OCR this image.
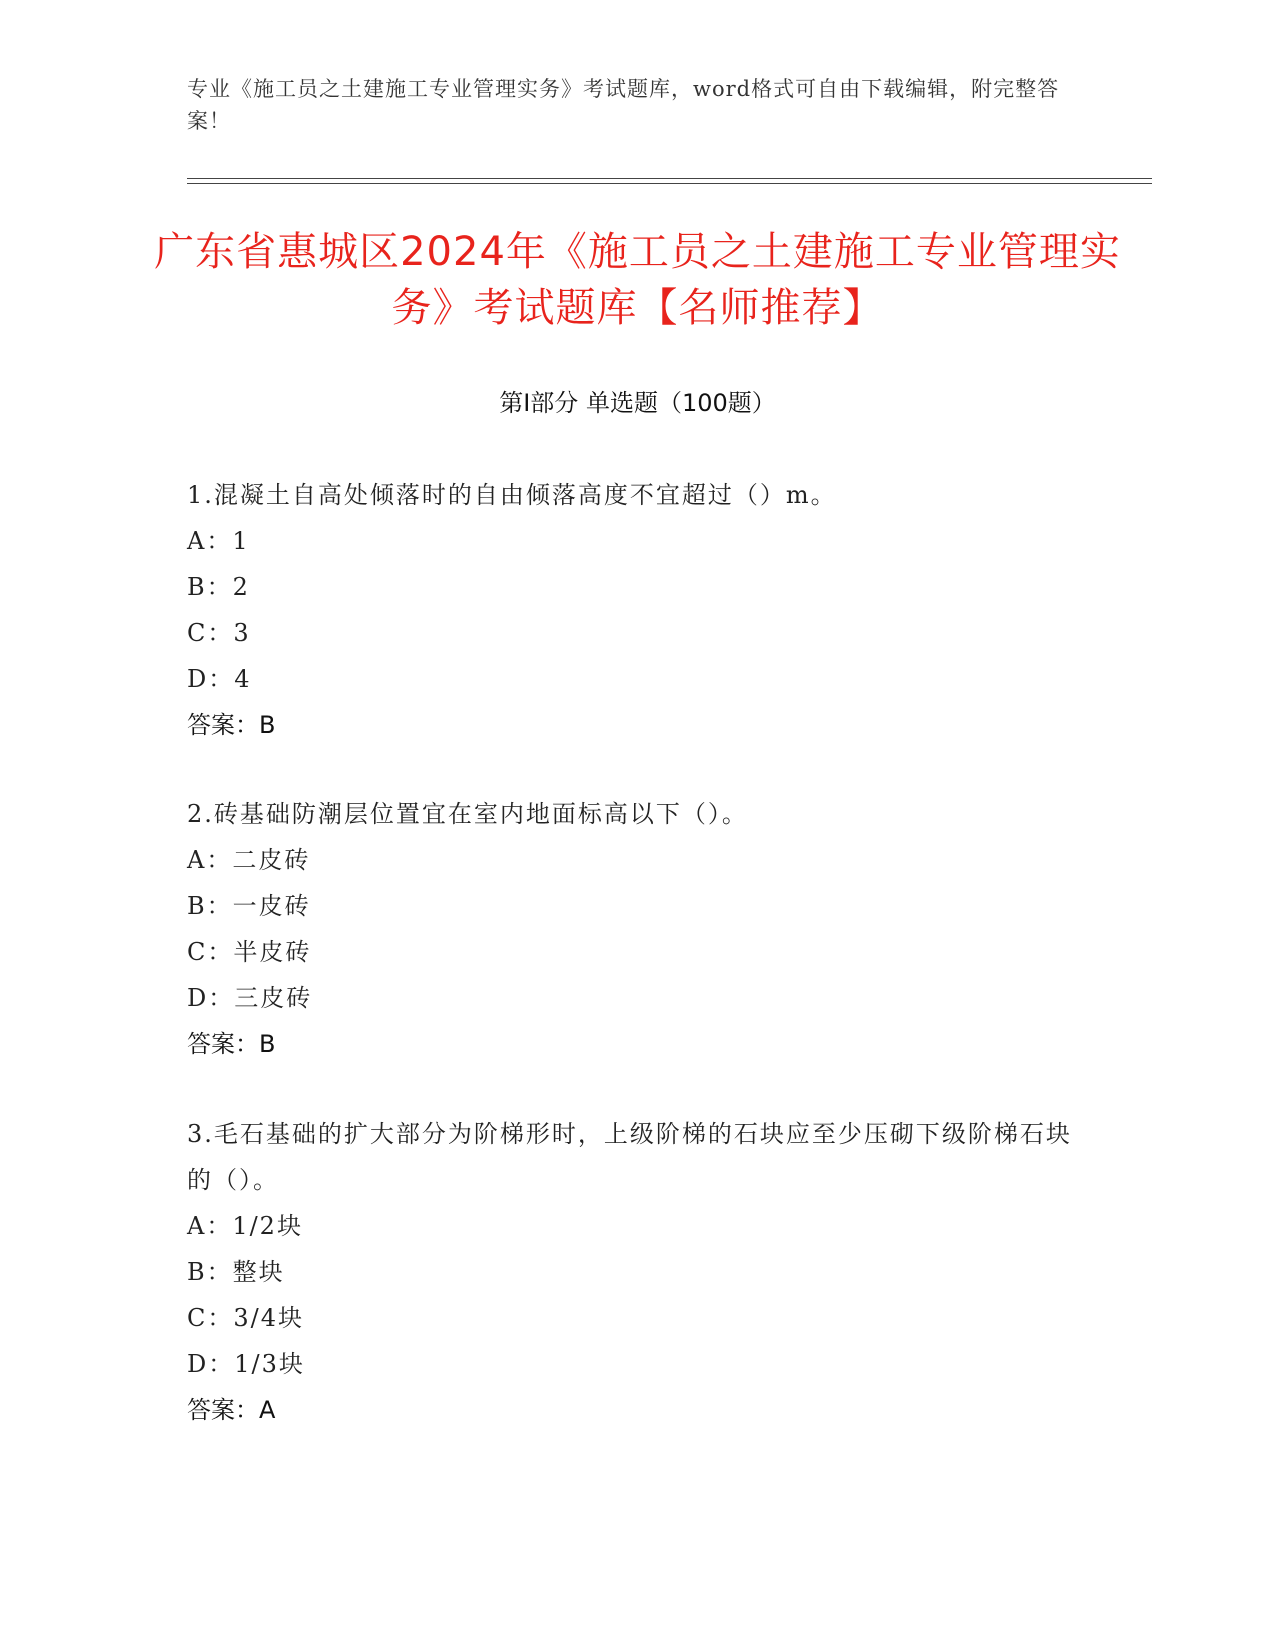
专业《施工员之土建施工专业管理实务》考试题库，word格式可自由下载编辑，附完整答案！
广东省惠城区2024年《施工员之土建施工专业管理实务》考试题库【名师推荐】
第Ⅰ部分 单选题（100题）
1.混凝土自高处倾落时的自由倾落高度不宜超过（）m。
A：1
B：2
C：3
D：4
答案：B
2.砖基础防潮层位置宜在室内地面标高以下（）。
A：二皮砖
B：一皮砖
C：半皮砖
D：三皮砖
答案：B
3.毛石基础的扩大部分为阶梯形时，上级阶梯的石块应至少压砌下级阶梯石块的（）。
A：1/2块
B：整块
C：3/4块
D：1/3块
答案：A
